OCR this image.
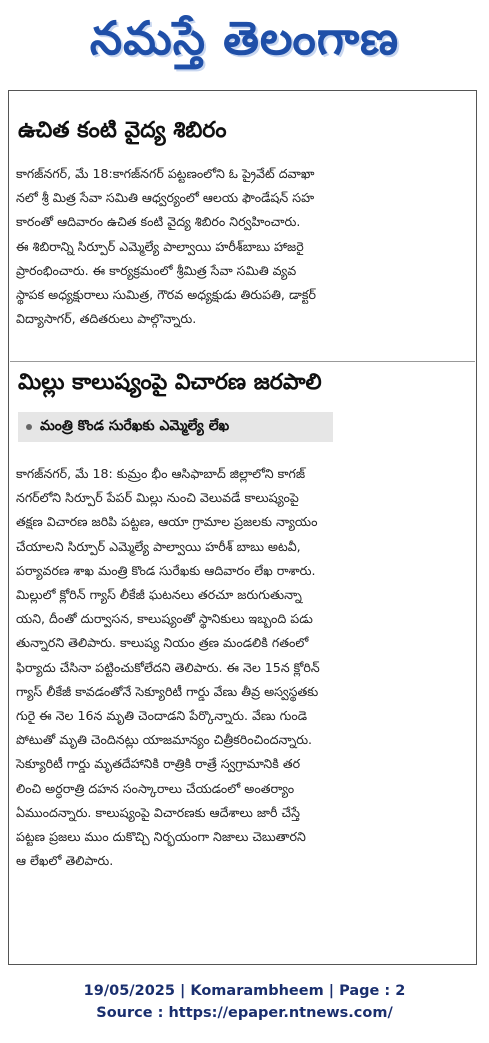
నమస్తే తెలంగాణ
ఉచిత కంటి వైద్య శిబిరం

కాగజ్‌నగర్, మే 18:కాగజ్‌నగర్ పట్టణంలోని ఓ ప్రైవేట్ దవాఖా

నలో శ్రీ మిత్ర సేవా సమితి ఆధ్వర్యంలో ఆలయ ఫౌండేషన్ సహ

కారంతో ఆదివారం ఉచిత కంటి వైద్య శిబిరం నిర్వహించారు.

ఈ శిబిరాన్ని సిర్పూర్ ఎమ్మెల్యే పాల్వాయి హరీశ్‌బాబు హాజరై

ప్రారంభించారు. ఈ కార్యక్రమంలో శ్రీమిత్ర సేవా సమితి వ్యవ

స్థాపక అధ్యక్షురాలు సుమిత్ర, గౌరవ అధ్యక్షుడు తిరుపతి, డాక్టర్

విద్యాసాగర్, తదితరులు పాల్గొన్నారు.

మిల్లు కాలుష్యంపై విచారణ జరపాలి
మంత్రి కొండ సురేఖకు ఎమ్మెల్యే లేఖ

కాగజ్‌నగర్, మే 18: కుమ్రం భీం ఆసిఫాబాద్ జిల్లాలోని కాగజ్

నగర్‌లోని సిర్పూర్ పేపర్ మిల్లు నుంచి వెలువడే కాలుష్యంపై

తక్షణ విచారణ జరిపి పట్టణ, ఆయా గ్రామాల ప్రజలకు న్యాయం

చేయాలని సిర్పూర్ ఎమ్మెల్యే పాల్వాయి హరీశ్ బాబు అటవీ,

పర్యావరణ శాఖ మంత్రి కొండ సురేఖకు ఆదివారం లేఖ రాశారు.

మిల్లులో క్లోరిన్ గ్యాస్ లీకేజీ ఘటనలు తరచూ జరుగుతున్నా

యని, దీంతో దుర్వాసన, కాలుష్యంతో స్థానికులు ఇబ్బంది పడు

తున్నారని తెలిపారు. కాలుష్య నియం త్రణ మండలికి గతంలో

ఫిర్యాదు చేసినా పట్టించుకోలేదని తెలిపారు. ఈ నెల 15న క్లోరిన్

గ్యాస్ లీకేజీ కావడంతోనే సెక్యూరిటీ గార్డు వేణు తీవ్ర అస్వస్థతకు

గురై ఈ నెల 16న మృతి చెందాడని పేర్కొన్నారు. వేణు గుండె

పోటుతో మృతి చెందినట్లు యాజమాన్యం చిత్రీకరించిందన్నారు.

సెక్యూరిటీ గార్డు మృతదేహానికి రాత్రికి రాత్రే స్వగ్రామానికి తర

లించి అర్ధరాత్రి దహన సంస్కారాలు చేయడంలో అంతర్యాం

ఏముందన్నారు. కాలుష్యంపై విచారణకు ఆదేశాలు జారీ చేస్తే

పట్టణ ప్రజలు ముం దుకొచ్చి నిర్భయంగా నిజాలు చెబుతారని

ఆ లేఖలో తెలిపారు.

19/05/2025 | Komarambheem | Page : 2
Source : https://epaper.ntnews.com/
